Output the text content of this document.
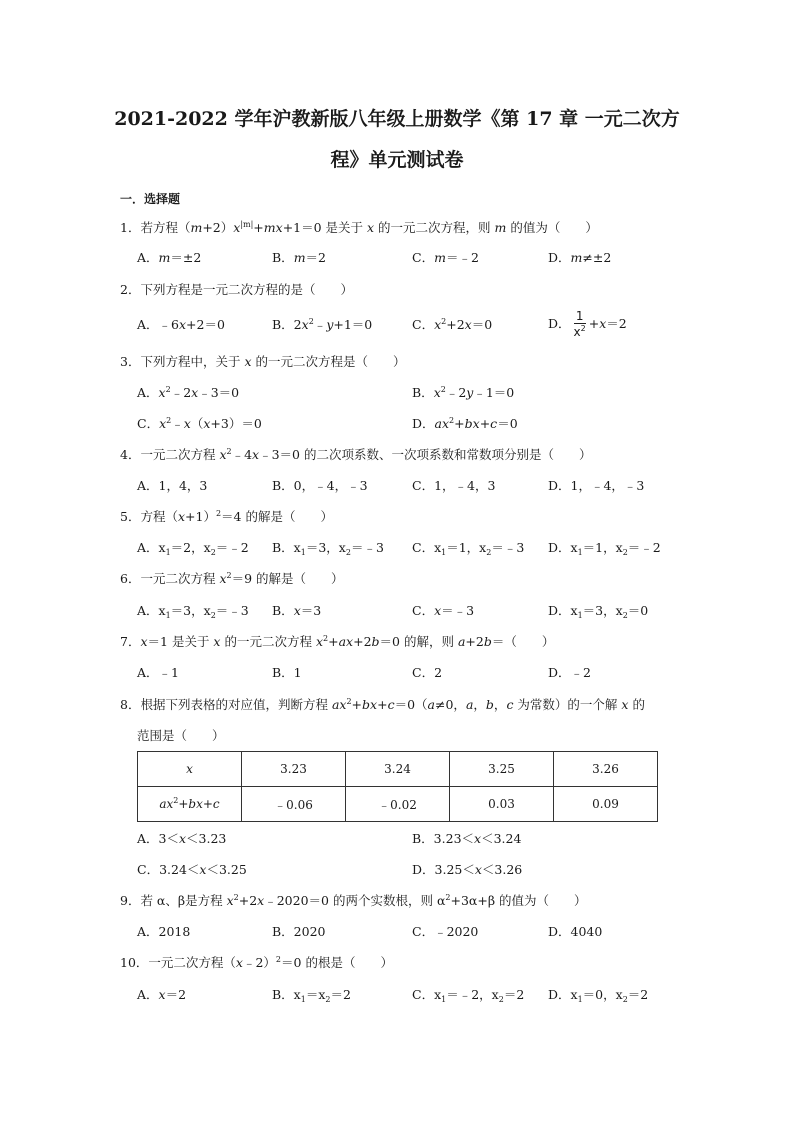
2021-2022 学年沪教新版八年级上册数学《第 17 章 一元二次方
程》单元测试卷
一．选择题
1．若方程$(m+2)x^{|m|}+mx+1=0$ 是关于 x 的一元二次方程，则 m 的值为（　　）
A．m＝±2	B．m＝2	C．m＝﹣2	D．m≠±2
2．下列方程是一元二次方程的是（　　）
A．﹣6x+2＝0	B．$2x^2﹣y+1=0$	C．$x^2+2x=0$	D． $\frac{1}{x^2} +x=2$
3．下列方程中，关于 x 的一元二次方程是（　　）
A．$x^2﹣2x﹣3=0$	B．$x^2﹣2y﹣1=0$
C．$x^2﹣x(x+3)=0$	D．$ax^2+bx+c=0$
4．一元二次方程 $x^2﹣4x﹣3=0$ 的二次项系数、一次项系数和常数项分别是（　　）
A．1，4，3	B．0，﹣4，﹣3	C．1，﹣4，3	D．1，﹣4，﹣3
5．方程$(x+1)^2=4$ 的解是（　　）
A．$x_1=2$，$x_2=﹣2$ B．$x_1=3$，$x_2=﹣3$ C．$x_1=1$，$x_2=﹣3$ D．$x_1=1$，$x_2=﹣2$
6．一元二次方程 $x^2=9$ 的解是（　　）
A．$x_1=3$，$x_2=﹣3$ B．x＝3	C．x＝﹣3	D．$x_1=3$，$x_2=0$
7．x＝1 是关于 x 的一元二次方程 $x^2+ax+2b=0$ 的解，则 a+2b＝（　　）
A．﹣1	B．1	C．2	D．﹣2
8．根据下列表格的对应值，判断方程 $ax^2+bx+c=0(a\ne 0$，a，b，c 为常数）的一个解 x 的
范围是（　　）
x	3.23	3.24	3.25	3.26
$ax^2+bx+c$	﹣0.06	﹣0.02	0.03	0.09
A．3＜x＜3.23	B．3.23＜x＜3.24
C．3.24＜x＜3.25	D．3.25＜x＜3.26
9．若 α、β是方程 $x^2+2x﹣2020=0$ 的两个实数根，则 $\alpha^2+3\alpha+\beta$ 的值为（　　）
A．2018	B．2020	C．﹣2020	D．4040
10．一元二次方程（x﹣2）$^2$＝0 的根是（　　）
A．x＝2	B．$x_1=x_2=2$	C．$x_1=﹣2$，$x_2=2$ D．$x_1=0$，$x_2=2$
